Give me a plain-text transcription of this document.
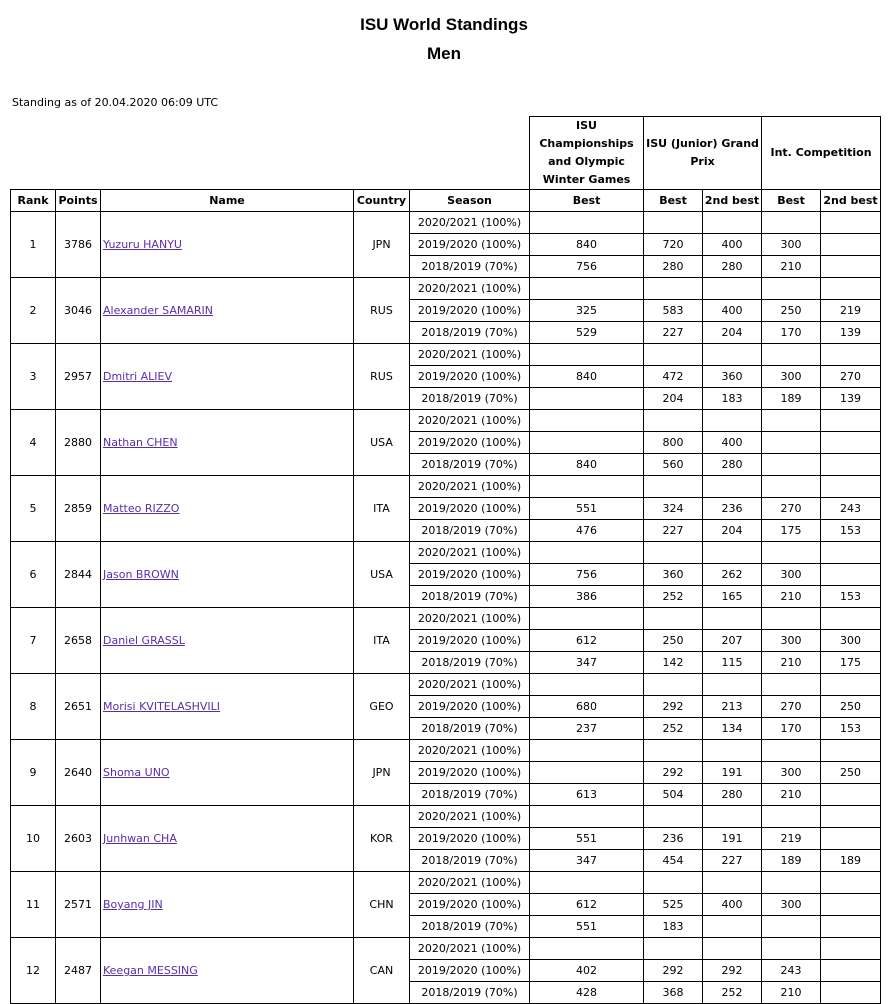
ISU World Standings
Men
Standing as of 20.04.2020 06:09 UTC
					ISU Championships and Olympic Winter Games	ISU (Junior) Grand Prix		Int. Competition	
Rank	Points	Name	Country	Season	Best	Best	2nd best	Best	2nd best
1	3786	Yuzuru HANYU	JPN	2020/2021 (100%)					
				2019/2020 (100%)	840	720	400	300	
				2018/2019 (70%)	756	280	280	210	
2	3046	Alexander SAMARIN	RUS	2020/2021 (100%)					
				2019/2020 (100%)	325	583	400	250	219
				2018/2019 (70%)	529	227	204	170	139
3	2957	Dmitri ALIEV	RUS	2020/2021 (100%)					
				2019/2020 (100%)	840	472	360	300	270
				2018/2019 (70%)		204	183	189	139
4	2880	Nathan CHEN	USA	2020/2021 (100%)					
				2019/2020 (100%)		800	400		
				2018/2019 (70%)	840	560	280		
5	2859	Matteo RIZZO	ITA	2020/2021 (100%)					
				2019/2020 (100%)	551	324	236	270	243
				2018/2019 (70%)	476	227	204	175	153
6	2844	Jason BROWN	USA	2020/2021 (100%)					
				2019/2020 (100%)	756	360	262	300	
				2018/2019 (70%)	386	252	165	210	153
7	2658	Daniel GRASSL	ITA	2020/2021 (100%)					
				2019/2020 (100%)	612	250	207	300	300
				2018/2019 (70%)	347	142	115	210	175
8	2651	Morisi KVITELASHVILI	GEO	2020/2021 (100%)					
				2019/2020 (100%)	680	292	213	270	250
				2018/2019 (70%)	237	252	134	170	153
9	2640	Shoma UNO	JPN	2020/2021 (100%)					
				2019/2020 (100%)		292	191	300	250
				2018/2019 (70%)	613	504	280	210	
10	2603	Junhwan CHA	KOR	2020/2021 (100%)					
				2019/2020 (100%)	551	236	191	219	
				2018/2019 (70%)	347	454	227	189	189
11	2571	Boyang JIN	CHN	2020/2021 (100%)					
				2019/2020 (100%)	612	525	400	300	
				2018/2019 (70%)	551	183			
12	2487	Keegan MESSING	CAN	2020/2021 (100%)					
				2019/2020 (100%)	402	292	292	243	
				2018/2019 (70%)	428	368	252	210	
